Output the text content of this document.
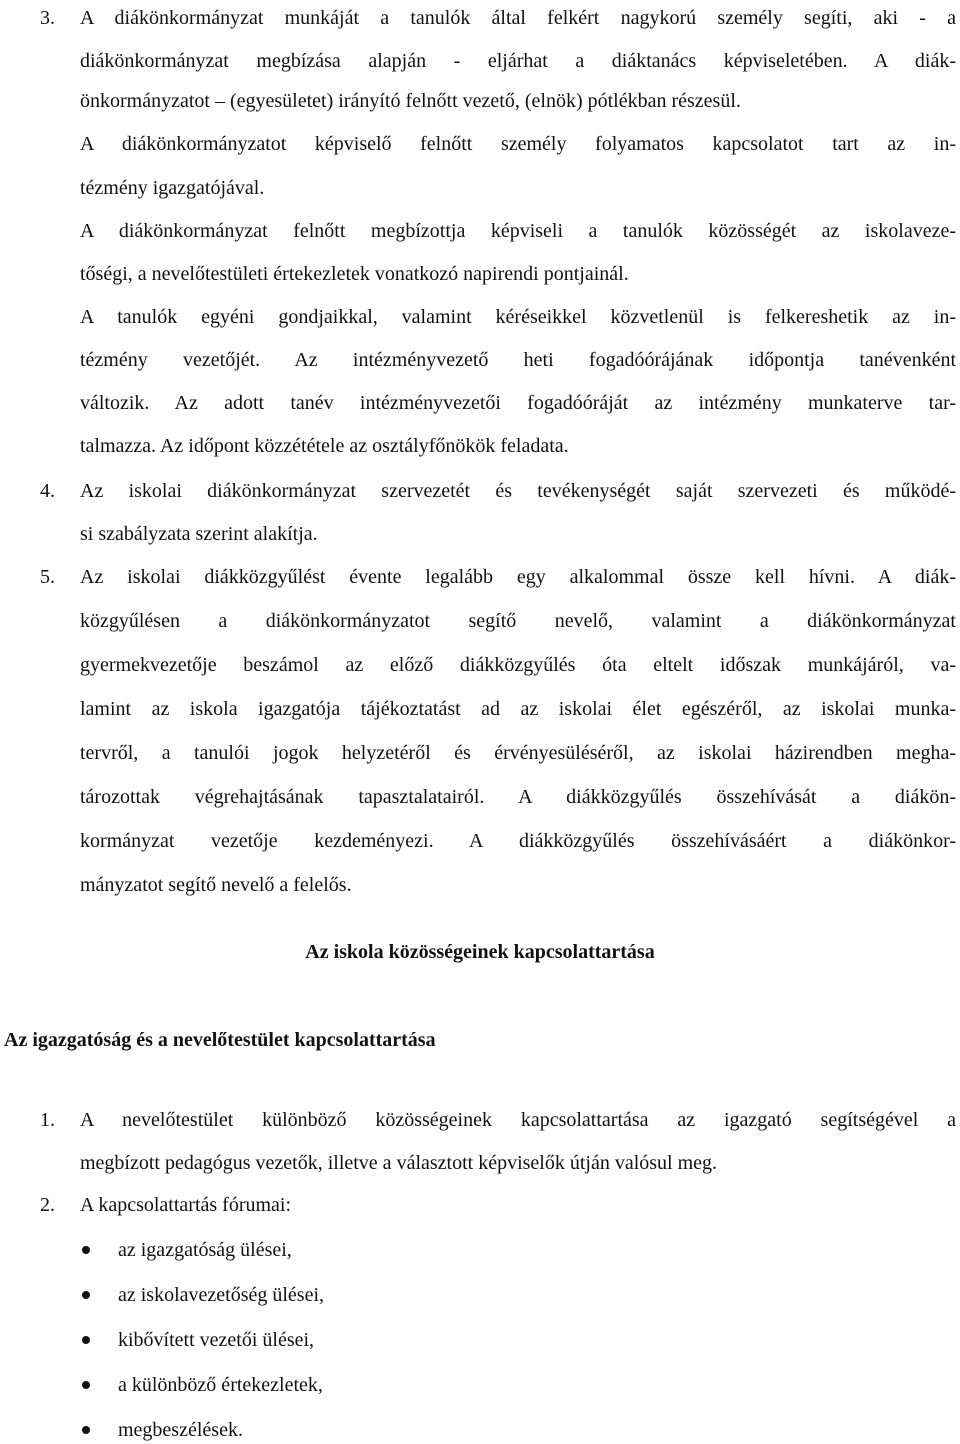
3. A diákönkormányzat munkáját a tanulók által felkért nagykorú személy segíti, aki - a
diákönkormányzat megbízása alapján - eljárhat a diáktanács képviseletében. A diák-
önkormányzatot – (egyesületet) irányító felnőtt vezető, (elnök) pótlékban részesül.
A diákönkormányzatot képviselő felnőtt személy folyamatos kapcsolatot tart az in-
tézmény igazgatójával.
A diákönkormányzat felnőtt megbízottja képviseli a tanulók közösségét az iskolaveze-
tőségi, a nevelőtestületi értekezletek vonatkozó napirendi pontjainál.
A tanulók egyéni gondjaikkal, valamint kéréseikkel közvetlenül is felkereshetik az in-
tézmény vezetőjét. Az intézményvezető heti fogadóórájának időpontja tanévenként
változik. Az adott tanév intézményvezetői fogadóóráját az intézmény munkaterve tar-
talmazza. Az időpont közzététele az osztályfőnökök feladata.
4. Az iskolai diákönkormányzat szervezetét és tevékenységét saját szervezeti és működé-
si szabályzata szerint alakítja.
5. Az iskolai diákközgyűlést évente legalább egy alkalommal össze kell hívni. A diák-
közgyűlésen a diákönkormányzatot segítő nevelő, valamint a diákönkormányzat
gyermekvezetője beszámol az előző diákközgyűlés óta eltelt időszak munkájáról, va-
lamint az iskola igazgatója tájékoztatást ad az iskolai élet egészéről, az iskolai munka-
tervről, a tanulói jogok helyzetéről és érvényesüléséről, az iskolai házirendben megha-
tározottak végrehajtásának tapasztalatairól. A diákközgyűlés összehívását a diákön-
kormányzat vezetője kezdeményezi. A diákközgyűlés összehívásáért a diákönkor-
mányzatot segítő nevelő a felelős.
Az iskola közösségeinek kapcsolattartása
Az igazgatóság és a nevelőtestület kapcsolattartása
1. A nevelőtestület különböző közösségeinek kapcsolattartása az igazgató segítségével a
megbízott pedagógus vezetők, illetve a választott képviselők útján valósul meg.
2. A kapcsolattartás fórumai:
az igazgatóság ülései,
az iskolavezetőség ülései,
kibővített vezetői ülései,
a különböző értekezletek,
megbeszélések.
